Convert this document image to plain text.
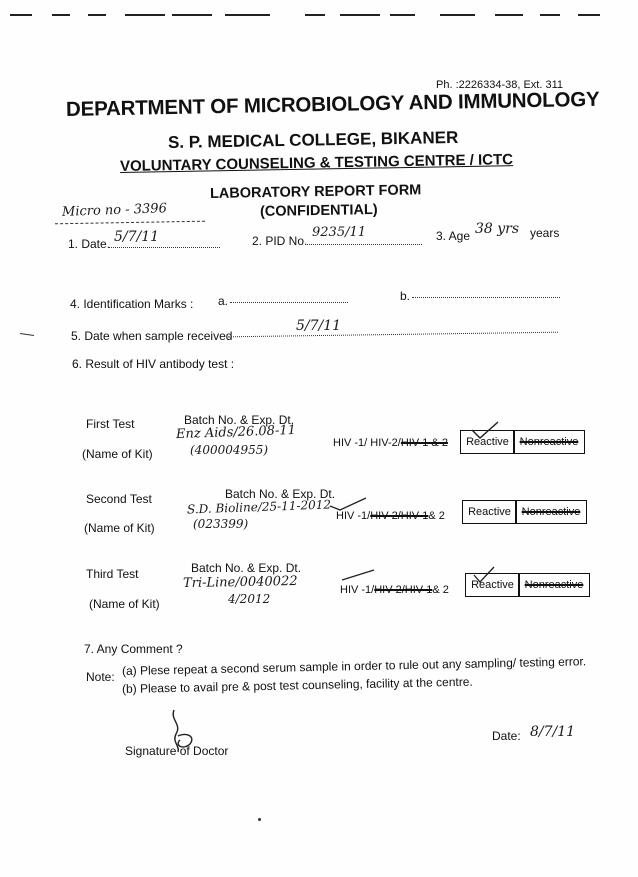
Ph. :2226334-38, Ext. 311
DEPARTMENT OF MICROBIOLOGY AND IMMUNOLOGY
S. P. MEDICAL COLLEGE, BIKANER
VOLUNTARY COUNSELING & TESTING CENTRE / ICTC
LABORATORY REPORT FORM
(CONFIDENTIAL)
Micro no - 3396
1. Date. 5/7/11	2. PID No.
9235/11	3. Age 38 yrs years
4. Identification Marks : a.	b.
5. Date when sample received
5/7/11
6. Result of HIV antibody test :
First Test
(Name of Kit)
Batch No. & Exp. Dt.
Enz Aids/26.08-11
(400004955)	HIV -1/ HIV-2/HIV 1 & 2	Reactive Nonreactive
Second Test
(Name of Kit)
Batch No. & Exp. Dt.
S.D. Bioline/25-11-2012
(023399)
HIV -1/HIV 2/HIV 1& 2	Reactive Nonreactive
Third Test
(Name of Kit)
Batch No. & Exp. Dt.
Tri-Line/0040022
4/2012
HIV -1/HIV 2/HIV 1& 2	Reactive Nonreactive
7. Any Comment ?
Note: (a) Plese repeat a second serum sample in order to rule out any sampling/ testing error.
(b) Please to avail pre & post test counseling, facility at the centre.
Signature of Doctor
Date: 8/7/11
